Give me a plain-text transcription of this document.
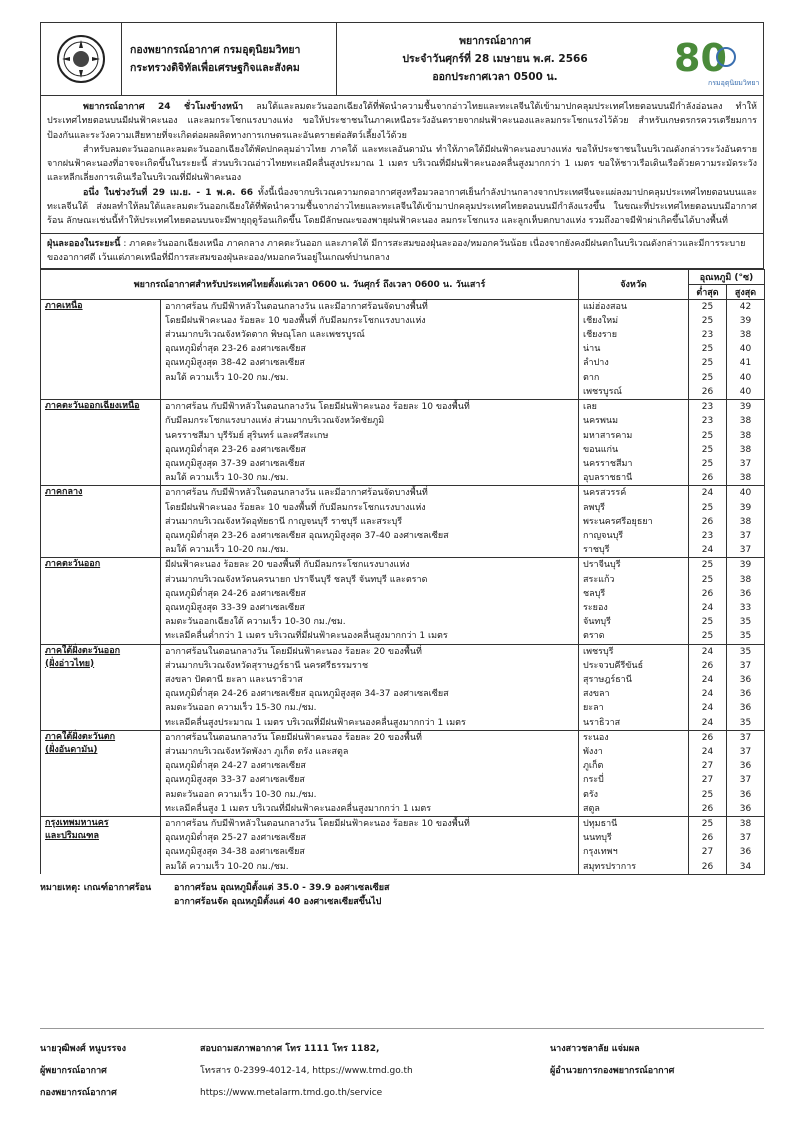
กองพยากรณ์อากาศ กรมอุตุนิยมวิทยา
กระทรวงดิจิทัลเพื่อเศรษฐกิจและสังคม
พยากรณ์อากาศ
ประจำวันศุกร์ที่ 28 เมษายน พ.ศ. 2566
ออกประกาศเวลา 0500 น.	80
กรมอุตุนิยมวิทยา

พยากรณ์อากาศ 24 ชั่วโมงข้างหน้า ลมใต้และลมตะวันออกเฉียงใต้ที่พัดนำความชื้นจากอ่าวไทยและทะเลจีนใต้เข้ามาปกคลุมประเทศไทยตอนบนมีกำลังอ่อนลง ทำให้ประเทศไทยตอนบนมีฝนฟ้าคะนอง และลมกระโชกแรงบางแห่ง ขอให้ประชาชนในภาคเหนือระวังอันตรายจากฝนฟ้าคะนองและลมกระโชกแรงไว้ด้วย สำหรับเกษตรกรควรเตรียมการป้องกันและระวังความเสียหายที่จะเกิดต่อผลผลิตทางการเกษตรและอันตรายต่อสัตว์เลี้ยงไว้ด้วย

สำหรับลมตะวันออกและลมตะวันออกเฉียงใต้พัดปกคลุมอ่าวไทย ภาคใต้ และทะเลอันดามัน ทำให้ภาคใต้มีฝนฟ้าคะนองบางแห่ง ขอให้ประชาชนในบริเวณดังกล่าวระวังอันตรายจากฝนฟ้าคะนองที่อาจจะเกิดขึ้นในระยะนี้ ส่วนบริเวณอ่าวไทยทะเลมีคลื่นสูงประมาณ 1 เมตร บริเวณที่มีฝนฟ้าคะนองคลื่นสูงมากกว่า 1 เมตร ขอให้ชาวเรือเดินเรือด้วยความระมัดระวังและหลีกเลี่ยงการเดินเรือในบริเวณที่มีฝนฟ้าคะนอง

อนึ่ง ในช่วงวันที่ 29 เม.ย. - 1 พ.ค. 66 ทั้งนี้เนื่องจากบริเวณความกดอากาศสูงหรือมวลอากาศเย็นกำลังปานกลางจากประเทศจีนจะแผ่ลงมาปกคลุมประเทศไทยตอนบนและทะเลจีนใต้ ส่งผลทำให้ลมใต้และลมตะวันออกเฉียงใต้ที่พัดนำความชื้นจากอ่าวไทยและทะเลจีนใต้เข้ามาปกคลุมประเทศไทยตอนบนมีกำลังแรงขึ้น ในขณะที่ประเทศไทยตอนบนมีอากาศร้อน ลักษณะเช่นนี้ทำให้ประเทศไทยตอนบนจะมีพายุฤดูร้อนเกิดขึ้น โดยมีลักษณะของพายุฝนฟ้าคะนอง ลมกระโชกแรง และลูกเห็บตกบางแห่ง รวมถึงอาจมีฟ้าผ่าเกิดขึ้นได้บางพื้นที่

ฝุ่นละอองในระยะนี้ : ภาคตะวันออกเฉียงเหนือ ภาคกลาง ภาคตะวันออก และภาคใต้ มีการสะสมของฝุ่นละออง/หมอกควันน้อย เนื่องจากยังคงมีฝนตกในบริเวณดังกล่าวและมีการระบายของอากาศดี เว้นแต่ภาคเหนือที่มีการสะสมของฝุ่นละออง/หมอกควันอยู่ในเกณฑ์ปานกลาง
พยากรณ์อากาศสำหรับประเทศไทยตั้งแต่เวลา 0600 น. วันศุกร์ ถึงเวลา 0600 น. วันเสาร์		จังหวัด	อุณหภูมิ (°ซ)	
			ต่ำสุด	สูงสุด

ภาคเหนือ	อากาศร้อน กับมีฟ้าหลัวในตอนกลางวัน และมีอากาศร้อนจัดบางพื้นที่	แม่ฮ่องสอน	25	42
	โดยมีฝนฟ้าคะนอง ร้อยละ 10 ของพื้นที่ กับมีลมกระโชกแรงบางแห่ง	เชียงใหม่	25	39
	ส่วนมากบริเวณจังหวัดตาก พิษณุโลก และเพชรบูรณ์	เชียงราย	23	38
	อุณหภูมิต่ำสุด 23-26 องศาเซลเซียส	น่าน	25	40
	อุณหภูมิสูงสุด 38-42 องศาเซลเซียส	ลำปาง	25	41
	ลมใต้ ความเร็ว 10-20 กม./ชม.	ตาก	25	40
		เพชรบูรณ์	26	40

ภาคตะวันออกเฉียงเหนือ	อากาศร้อน กับมีฟ้าหลัวในตอนกลางวัน โดยมีฝนฟ้าคะนอง ร้อยละ 10 ของพื้นที่	เลย	23	39
	กับมีลมกระโชกแรงบางแห่ง ส่วนมากบริเวณจังหวัดชัยภูมิ	นครพนม	23	38
	นครราชสีมา บุรีรัมย์ สุรินทร์ และศรีสะเกษ	มหาสารคาม	25	38
	อุณหภูมิต่ำสุด 23-26 องศาเซลเซียส	ขอนแก่น	25	38
	อุณหภูมิสูงสุด 37-39 องศาเซลเซียส	นครราชสีมา	25	37
	ลมใต้ ความเร็ว 10-30 กม./ชม.	อุบลราชธานี	26	38

ภาคกลาง	อากาศร้อน กับมีฟ้าหลัวในตอนกลางวัน และมีอากาศร้อนจัดบางพื้นที่	นครสวรรค์	24	40
	โดยมีฝนฟ้าคะนอง ร้อยละ 10 ของพื้นที่ กับมีลมกระโชกแรงบางแห่ง	ลพบุรี	25	39
	ส่วนมากบริเวณจังหวัดอุทัยธานี กาญจนบุรี ราชบุรี และสระบุรี	พระนครศรีอยุธยา	26	38
	อุณหภูมิต่ำสุด 23-26 องศาเซลเซียส อุณหภูมิสูงสุด 37-40 องศาเซลเซียส	กาญจนบุรี	23	37
	ลมใต้ ความเร็ว 10-20 กม./ชม.	ราชบุรี	24	37

ภาคตะวันออก	มีฝนฟ้าคะนอง ร้อยละ 20 ของพื้นที่ กับมีลมกระโชกแรงบางแห่ง	ปราจีนบุรี	25	39
	ส่วนมากบริเวณจังหวัดนครนายก ปราจีนบุรี ชลบุรี จันทบุรี และตราด	สระแก้ว	25	38
	อุณหภูมิต่ำสุด 24-26 องศาเซลเซียส	ชลบุรี	26	36
	อุณหภูมิสูงสุด 33-39 องศาเซลเซียส	ระยอง	24	33
	ลมตะวันออกเฉียงใต้ ความเร็ว 10-30 กม./ชม.	จันทบุรี	25	35
	ทะเลมีคลื่นต่ำกว่า 1 เมตร บริเวณที่มีฝนฟ้าคะนองคลื่นสูงมากกว่า 1 เมตร	ตราด	25	35

ภาคใต้ฝั่งตะวันออก
(ฝั่งอ่าวไทย)	อากาศร้อนในตอนกลางวัน โดยมีฝนฟ้าคะนอง ร้อยละ 20 ของพื้นที่	เพชรบุรี	24	35
	ส่วนมากบริเวณจังหวัดสุราษฎร์ธานี นครศรีธรรมราช	ประจวบคีรีขันธ์	26	37
	สงขลา ปัตตานี ยะลา และนราธิวาส	สุราษฎร์ธานี	24	36
	อุณหภูมิต่ำสุด 24-26 องศาเซลเซียส อุณหภูมิสูงสุด 34-37 องศาเซลเซียส	สงขลา	24	36
	ลมตะวันออก ความเร็ว 15-30 กม./ชม.	ยะลา	24	36
	ทะเลมีคลื่นสูงประมาณ 1 เมตร บริเวณที่มีฝนฟ้าคะนองคลื่นสูงมากกว่า 1 เมตร	นราธิวาส	24	35

ภาคใต้ฝั่งตะวันตก
(ฝั่งอันดามัน)	อากาศร้อนในตอนกลางวัน โดยมีฝนฟ้าคะนอง ร้อยละ 20 ของพื้นที่	ระนอง	26	37
	ส่วนมากบริเวณจังหวัดพังงา ภูเก็ต ตรัง และสตูล	พังงา	24	37
	อุณหภูมิต่ำสุด 24-27 องศาเซลเซียส	ภูเก็ต	27	36
	อุณหภูมิสูงสุด 33-37 องศาเซลเซียส	กระบี่	27	37
	ลมตะวันออก ความเร็ว 10-30 กม./ชม.	ตรัง	25	36
	ทะเลมีคลื่นสูง 1 เมตร บริเวณที่มีฝนฟ้าคะนองคลื่นสูงมากกว่า 1 เมตร	สตูล	26	36

กรุงเทพมหานคร
และปริมณฑล	อากาศร้อน กับมีฟ้าหลัวในตอนกลางวัน โดยมีฝนฟ้าคะนอง ร้อยละ 10 ของพื้นที่	ปทุมธานี	25	38
	อุณหภูมิต่ำสุด 25-27 องศาเซลเซียส	นนทบุรี	26	37
	อุณหภูมิสูงสุด 34-38 องศาเซลเซียส	กรุงเทพฯ	27	36
	ลมใต้ ความเร็ว 10-20 กม./ชม.	สมุทรปราการ	26	34
หมายเหตุ: เกณฑ์อากาศร้อน	อากาศร้อน อุณหภูมิตั้งแต่ 35.0 - 39.9 องศาเซลเซียส
อากาศร้อนจัด อุณหภูมิตั้งแต่ 40 องศาเซลเซียสขึ้นไป
นายวุฒิพงศ์ หนูบรรจง
ผู้พยากรณ์อากาศ
กองพยากรณ์อากาศ
สอบถามสภาพอากาศ โทร 1111 โทร 1182,
โทรสาร 0-2399-4012-14, https://www.tmd.go.th
https://www.metalarm.tmd.go.th/service
นางสาวชลาลัย แจ่มผล
ผู้อำนวยการกองพยากรณ์อากาศ
